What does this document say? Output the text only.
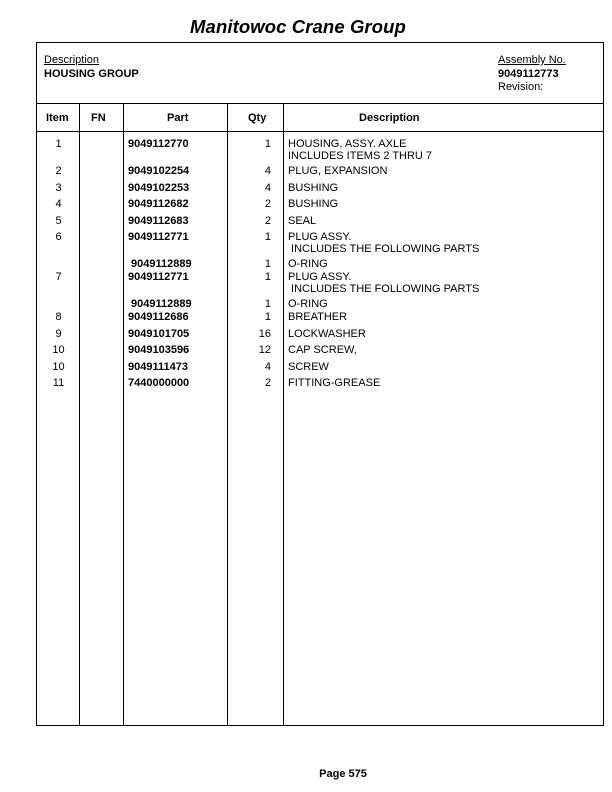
Manitowoc Crane Group
Description
HOUSING GROUP
Assembly No.
9049112773
Revision:
Item FN	Part	Qty	Description
1	9049112770	1 HOUSING, ASSY. AXLE
INCLUDES ITEMS 2 THRU 7
2	9049102254	4 PLUG, EXPANSION
3	9049102253	4 BUSHING
4	9049112682	2 BUSHING
5	9049112683	2 SEAL
6	9049112771	1 PLUG ASSY.
INCLUDES THE FOLLOWING PARTS
9049112889	1 O-RING
7	9049112771	1 PLUG ASSY.
INCLUDES THE FOLLOWING PARTS
9049112889	1 O-RING
8	9049112686	1 BREATHER
9	9049101705	16 LOCKWASHER
10	9049103596	12 CAP SCREW,
10	9049111473	4 SCREW
11	7440000000	2 FITTING-GREASE
Page 575
